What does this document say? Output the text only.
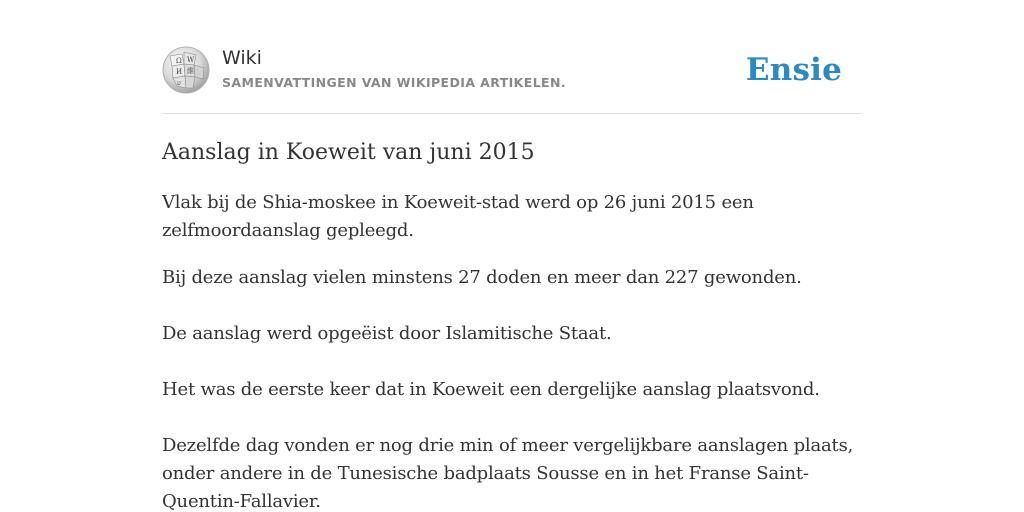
Ω W
И 維
ש
Wiki
SAMENVATTINGEN VAN WIKIPEDIA ARTIKELEN.	Ensie
Aanslag in Koeweit van juni 2015

Vlak bij de Shia-moskee in Koeweit-stad werd op 26 juni 2015 een zelfmoordaanslag gepleegd.

Bij deze aanslag vielen minstens 27 doden en meer dan 227 gewonden.

De aanslag werd opgeëist door Islamitische Staat.

Het was de eerste keer dat in Koeweit een dergelijke aanslag plaatsvond.

Dezelfde dag vonden er nog drie min of meer vergelijkbare aanslagen plaats, onder andere in de Tunesische badplaats Sousse en in het Franse Saint-Quentin-Fallavier.
